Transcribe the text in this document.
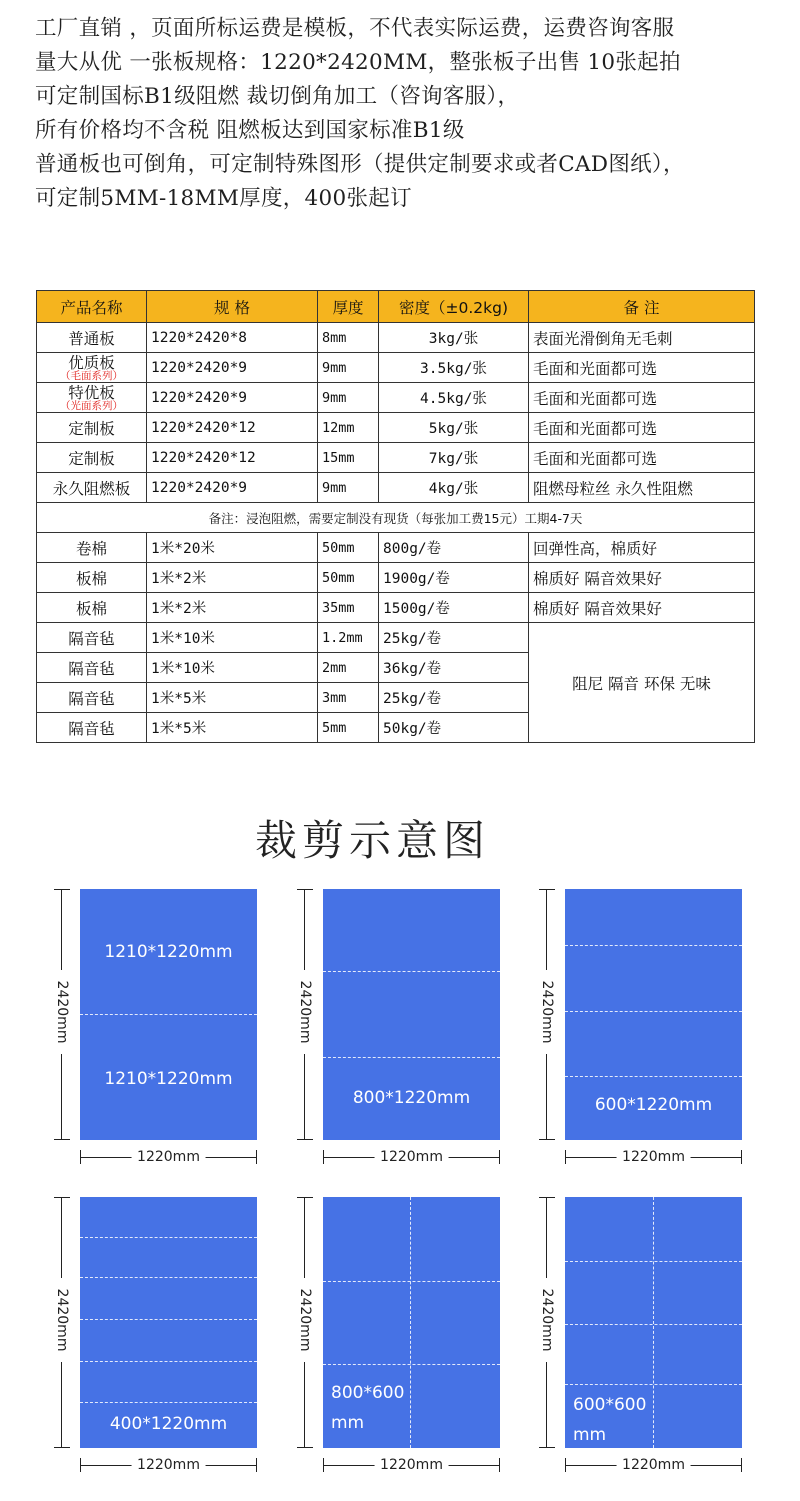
工厂直销 ，页面所标运费是模板，不代表实际运费，运费咨询客服
量大从优 一张板规格：1220*2420MM，整张板子出售 10张起拍
可定制国标B1级阻燃 裁切倒角加工（咨询客服），
所有价格均不含税 阻燃板达到国家标准B1级
普通板也可倒角，可定制特殊图形（提供定制要求或者CAD图纸），
可定制5MM-18MM厚度，400张起订
产品名称	规 格	厚度	密度（±0.2kg)	备 注
普通板	1220*2420*8	8mm	3kg/张	表面光滑倒角无毛刺
优质板
（毛面系列）	1220*2420*9	9mm	3.5kg/张	毛面和光面都可选
特优板
（光面系列）	1220*2420*9	9mm	4.5kg/张	毛面和光面都可选
定制板	1220*2420*12	12mm	5kg/张	毛面和光面都可选
定制板	1220*2420*12	15mm	7kg/张	毛面和光面都可选
永久阻燃板	1220*2420*9	9mm	4kg/张	阻燃母粒丝 永久性阻燃
备注：浸泡阻燃，需要定制没有现货（每张加工费15元）工期4-7天				
卷棉	1米*20米	50mm	800g/卷	回弹性高，棉质好
板棉	1米*2米	50mm	1900g/卷	棉质好 隔音效果好
板棉	1米*2米	35mm	1500g/卷	棉质好 隔音效果好
隔音毡	1米*10米	1.2mm	25kg/卷	阻尼 隔音 环保 无味
隔音毡	1米*10米	2mm	36kg/卷	
隔音毡	1米*5米	3mm	25kg/卷	
隔音毡	1米*5米	5mm	50kg/卷	
裁剪示意图
2420mm
1210*1220mm
1210*1220mm
1220mm
2420mm
800*1220mm
1220mm
2420mm
600*1220mm
1220mm
2420mm
400*1220mm
1220mm
2420mm
800*600
mm
1220mm
2420mm
600*600
mm
1220mm
